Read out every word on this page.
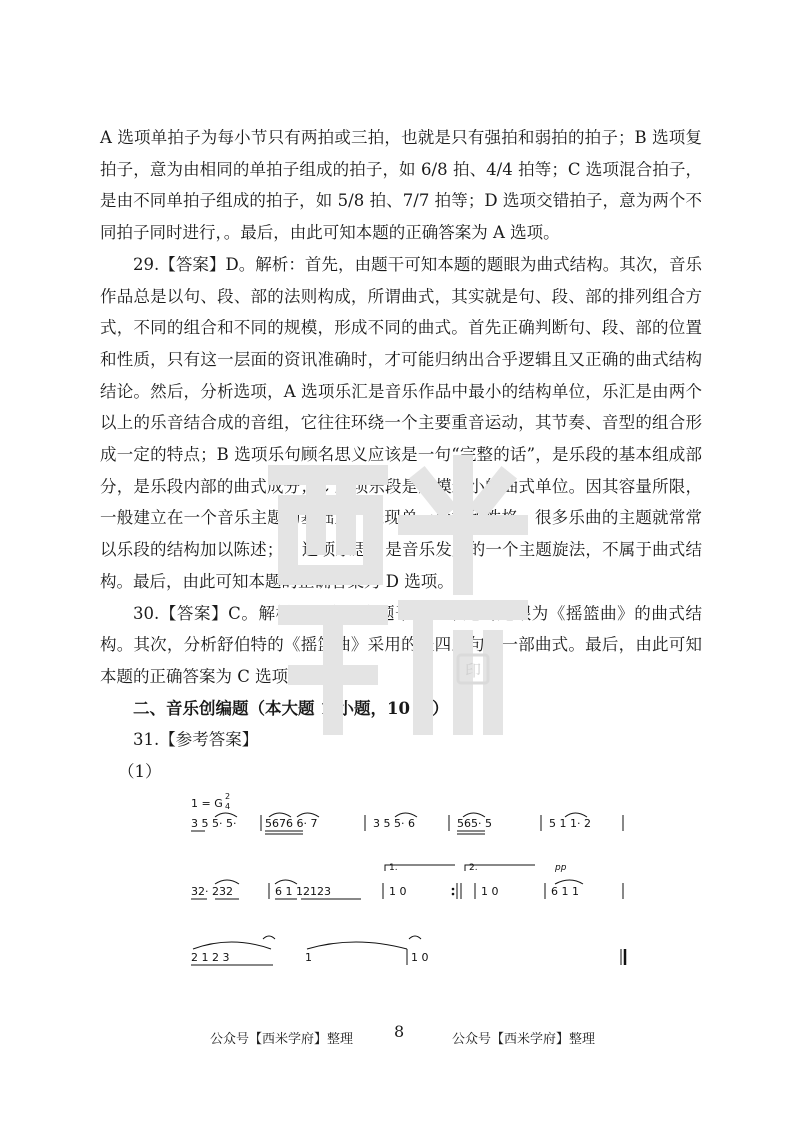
A 选项单拍子为每小节只有两拍或三拍，也就是只有强拍和弱拍的拍子；B 选项复拍子，意为由相同的单拍子组成的拍子，如 6/8 拍、4/4 拍等；C 选项混合拍子，是由不同单拍子组成的拍子，如 5/8 拍、7/7 拍等；D 选项交错拍子，意为两个不同拍子同时进行，。最后，由此可知本题的正确答案为 A 选项。

29.【答案】D。解析：首先，由题干可知本题的题眼为曲式结构。其次，音乐作品总是以句、段、部的法则构成，所谓曲式，其实就是句、段、部的排列组合方式，不同的组合和不同的规模，形成不同的曲式。首先正确判断句、段、部的位置和性质，只有这一层面的资讯准确时，才可能归纳出合乎逻辑且又正确的曲式结构结论。然后，分析选项，A 选项乐汇是音乐作品中最小的结构单位，乐汇是由两个以上的乐音结合成的音组，它往往环绕一个主要重音运动，其节奏、音型的组合形成一定的特点；B 选项乐句顾名思义应该是一句“完整的话”，是乐段的基本组成部分，是乐段内部的曲式成分；C 选项乐段是规模最小的曲式单位。因其容量所限，一般建立在一个音乐主题的基础上，表现单一形象和性格，很多乐曲的主题就常常以乐段的结构加以陈述；D 选项乐思，是音乐发展的一个主题旋法，不属于曲式结构。最后，由此可知本题的正确答案为 D 选项。

30.【答案】C。解析：首先，由题干可知本题的题眼为《摇篮曲》的曲式结构。其次，分析舒伯特的《摇篮曲》采用的是四乐句的一部曲式。最后，由此可知本题的正确答案为 C 选项。

二、音乐创编题（本大题 1 小题，10 分）

31.【参考答案】

（1）

印
1 = G
2
4
3 5 5· 5·	5676 6· 7	3 5 5· 6	565· 5	5 1 1· 2
32· 232	6 1 12123	1 0	1 0	6 1 1
1.	2.	pp
2 1 2 3	1	1 0
公众号【西米学府】整理	8	公众号【西米学府】整理
